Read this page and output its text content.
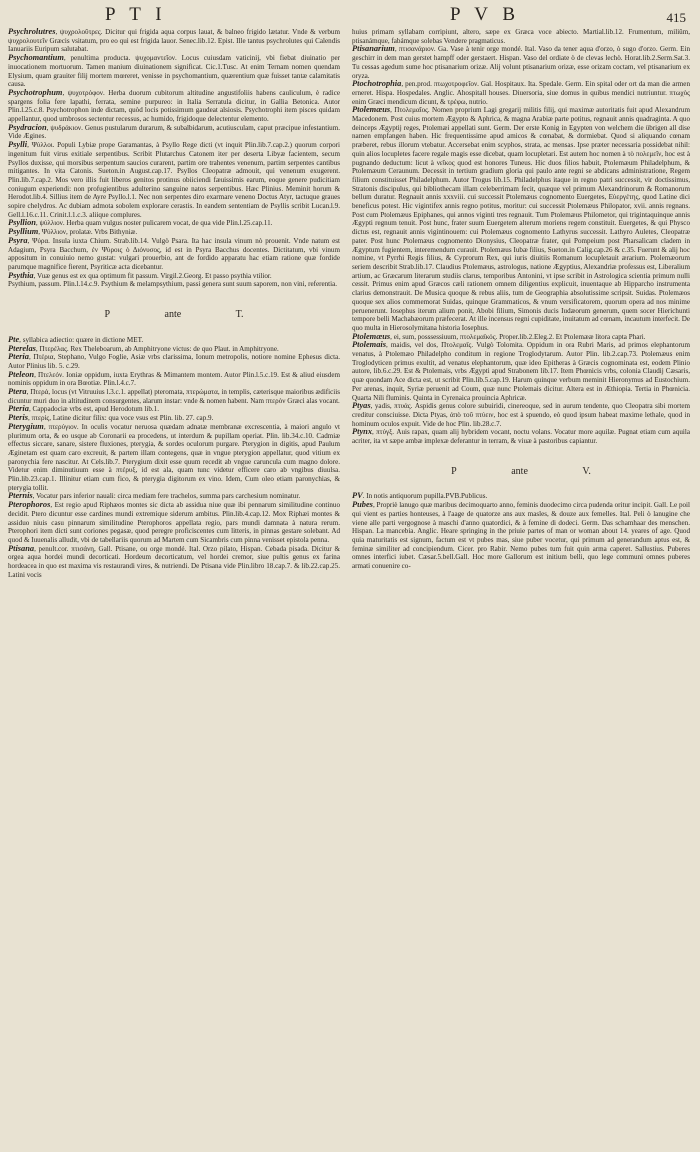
P T I	P V B	415

Psychrolutres, ψυχρολοῦτρες. Dicitur qui frigida aqua corpus lauat, & balneo frigido lætatur. Vnde & verbum ψυχρολουτεῖν Græcis vsitatum, pro eo qui est frigida lauor. Senec.lib.12. Epist. Ille tantus psychrolutes qui Calendis Ianuariis Euripum salutabat.

Psychomantium, penultima producta. ψυχομαντεῖον. Locus cuiusdam vaticinij, vbi fiebat diuinatio per inuocationem mortuorum. Tamen manium diuinationem significat. Cic.1.Tusc. At enim Ternam nomen quendam Elysium, quam grauiter filij mortem mœreret, venisse in psychomantium, quærentium quæ fuisset tantæ calamitatis causa.

Psychotrophum, ψυχοτρόφον. Herba duorum cubitorum altitudine angustifoliis habens cauliculum, è radice spargens folia fere lapathi, ferrata, semine purpureo: in Italia Serratula dicitur, in Gallia Betonica. Autor Plin.l.25.c.8. Psychotrophon inde dictam, quòd locis potissimum gaudeat alsiosis. Psychotrophi item pisces quidam appellantur, quod umbrosos sectentur recessus, ac humido, frigidoque delectentur elemento.

Psydracion, ψυδράκιον. Genus pustularum durarum, & subalbidarum, acutiusculam, caput præcipue infestantium. Vide Ægines.

Psylli, Ψύλλοι. Populi Lybiæ prope Garamantas, à Psyllo Rege dicti (vt inquit Plin.lib.7.cap.2.) quorum corpori ingenitum fuit virus exitiale serpentibus. Scribit Plutarchus Catonem iter per deserta Libyæ facientem, secum Psyllos duxisse, qui morsibus serpentum saucios curarent, partim ore trahentes venenum, partim serpentes cantibus mitigantes. In vita Catonis. Sueton.in August.cap.17. Psyllos Cleopatræ admouit, qui venenum exugerent. Plin.lib.7.cap.2. Mos vero illis fuit liberos genitos protinus obiiciendi fæuissimis earum, eoque genere pudicitiam coniugum experiendi: non profugientibus adulterino sanguine natos serpentibus. Hæc Plinius. Meminit horum & Herodot.lib.4. Sillius item de Ayre Psyllo.l.1. Nec non serpentes diro exarmare veneno Doctus Atyr, tactuque graues sopire chelydros. Ac dubiam admota sobolem explorare cerastis. In eandem sententiam de Psyllis scribit Lucan.l.9. Gell.l.16.c.11. Crinit.l.1.c.3. aliique complures.

Psyllion, ψύλλιον. Herba quam vulgus noster pulicarem vocat, de qua vide Plin.l.25.cap.11.

Psyllium, Ψύλλιον, prolatæ. Vrbs Bithyniæ.

Psyra, Ψύρα. Insula iuxta Chium. Strab.lib.14. Vulgò Psara. Ita hac insula vinum nò prouenit. Vnde natum est Adagium, Psyra Bacchum, ἐν Ψύροις ὁ Διόνυσος, id est in Psyra Bacchus docentes. Dictitatum, vbi vinum appositum in conuiuio nemo gustat: vulgari prouerbio, ant de fordido apparatu hac etiam ratione quæ fordide parumque magnifice fierent, Psyriticæ acta dicebantur.

Psythia, Vuæ genus est ex qua optimum fit passum. Virgil.2.Georg. Et passo psythia vtilior.

Psythium, passum. Plin.l.14.c.9. Psythium & melampsythium, passi genera sunt suum saporem, non vini, referentia.

P	ante	T.

Pte, syllabica adiectio: quære in dictione MET.

Pterelas, Πτερέλας. Rex Theleboarum, ab Amphitryone victus: de quo Plaut. in Amphitryone.

Pteria, Πτέρια, Stephano, Vulgo Foglie, Asiæ vrbs clarissima, Ionum metropolis, notiore nomine Ephesus dicta. Autor Plinius lib. 5. c.29.

Pteleon, Πτελεόν. Ioniæ oppidum, iuxta Erythras & Mimantem montem. Autor Plin.l.5.c.19. Est & aliud eiusdem nominis oppidum in ora Bœotiæ. Plin.l.4.c.7.

Ptera, Πτερά, locus (vt Vitruuius l.3.c.1. appellat) pteromata, πτερώματα, in templis, cæterisque maioribus ædificiis dicuntur muri duo in altitudinem consurgentes, alarum instar: vnde & nomen habent. Nam πτερὸν Græci alas vocant.

Pteria, Cappadociæ vrbs est, apud Herodotum lib.1.

Pteris, πτερίς, Latine dicitur filix: qua voce vsus est Plin. lib. 27. cap.9.

Pterygium, πτερύγιον. In oculis vocatur neruosa quædam adnatæ membranæ excrescentia, à maiori angulo vt plurimum orta, & eo usque ab Coronarii ea procedens, ut interdum & pupillam operiat. Plin. lib.34.c.10. Cadmiæ effectus siccare, sanare, sistere fluxiones, pterygia, & sordes oculorum purgare. Pterygion in digitis, apud Paulum Æginetam est quam caro excreuit, & partem illam contegens, quæ in vngue pterygion appellatur, quod vitium ex paronychia fere nascitur. At Cels.lib.7. Pterygium dixit esse quum recedit ab vngue caruncula cum magno dolore. Videtur enim diminutiuum esse à πτέρυξ, id est ala, quam tunc videtur efficere caro ab vngibus diuulsa. Plin.lib.23.cap.1. Illinitur etiam cum fico, & pterygia digitorum ex vino. Idem, Cum oleo etiam paronychias, & pterygia tollit.

Pternis, Vocatur pars inferior nauali: circa mediam fere trachelos, summa pars carchesium nominatur.

Pterophoros, Est regio apud Riphæos montes sic dicta ab assidua niue quæ ibi pennarum similitudine continuo decidit. Ptero dicuntur esse cardines mundi extremique siderum ambitus. Plin.lib.4.cap.12. Mox Riphæi montes & assiduo niuis casu pinnarum similitudine Pterophoros appellata regio, pars mundi damnata à natura rerum. Pterophori item dicti sunt coriones pegasæ, quod peregre proficiscentes cum litteris, in pinnas gestare solebant. Ad quod & Iuuenalis alludit, vbi de tabellariis quorum ad Martem cum Sicambris cum pinna venisset epistola penna.

Ptisana, penult.cor. πτισάνη, Gall. Ptisane, ou orge mondé. Ital. Orzo pilato, Hispan. Cebada pisada. Dicitur & orgea aqua hordei mundi decorticati. Hordeum decorticatum, vel hordei cremor, siue pultis genus ex farina hordeacea in quo est maxima vis restaurandi vires, & nutriendi. De Ptisana vide Plin.libro 18.cap.7. & lib.22.cap.25. Latini vocis

huius primam syllabam corripiunt, altero, sæpe ex Græca voce abiecto. Martial.lib.12. Frumentum, miliûm, ptisanámque, fabámque solebas Vendere pragmaticus.

Ptisanarium, πτισανάριον. Ga. Vase à tenir orge mondé. Ital. Vaso da tener aqua d'orzo, ò sugo d'orzo. Germ. Ein geschirr in dem man gerstet hampff oder gerstaert. Hispan. Vaso del ordiate ò de clevas lechò. Horat.lib.2.Serm.Sat.3. Tu cessas agedum sume hoc ptisanarium orizæ. Alij volunt ptisanarium orizæ, esse orizam coctam, vel ptisanarium ex oryza.

Ptochotrophia, pen.prod. πτωχοτροφεῖον. Gal. Hospitaux. Ita. Spedale. Germ. Ein spital oder ort da man die armen erneret. Hispa. Hospedales. Anglic. Ahospitall houses. Diuersoria, siue domus in quibus mendici nutriuntur. πτωχὸς enim Græci mendicum dicunt, & τρέφω, nutrio.

Ptolemæus, Πτολεμαῖος. Nomen proprium Lagi gregarij militis filij, qui maximæ autoritatis fuit apud Alexandrum Macedonem. Post cuius mortem Ægypto & Aphrica, & magna Arabiæ parte potitus, regnauit annis quadraginta. A quo deinceps Ægyptij reges, Ptolemæi appellati sunt. Germ. Der erste Konig in Egypten von welchem die übrigen all dise namen empfangen haben. Hic frequentissime apud amicos & cœnabat, & dormiebat. Quod si aliquando cœnam præberet, rebus illorum vtebatur. Accersebat enim scyphos, strata, ac mensas. Ipse præter necessaria possidebat nihil: quin alios locupletes facere regale magis esse dicebat, quam locupletari. Est autem hoc nomen à τὸ πολεμεῖν, hoc est à pugnando deductum: licut à νεῖκος quod est honores Tuneus. Hic duos filios habuit, Ptolemæum Philadelphum, & Ptolemæum Ceraunum. Decessit in tertium gradium gloria qui paulo ante regni se abdicans administratione, Regem filium constituisset Philadelphum. Autor Trogus lib.15. Philadelphus itaque in regno patri successit, vir doctissimus, Stratonis discipulus, qui bibliothecam illam celeberrimam fecit, quæque vel primum Alexandrinorum & Romanorum bellum duratur. Regnauit annis xxxviii. cui successit Ptolemæus cognomento Euergetes, Εὐεργέτης, quod Latine dici beneficus potest. Hic vigintifex annis regno potitus, moritur: cui successit Ptolemæus Philopator, xvii. annis regnans. Post cum Ptolemæus Epiphanes, qui annos viginti tres regnauit. Tum Ptolemæus Philometor, qui trigintaquinque annis Ægypti regnum tenuit. Post hunc, frater suum Euergetem alterum moriens regem constituit. Euergetes, & qui Physco dictus est, regnauit annis vigintinouem: cui Ptolemæus cognomento Lathyrus successit. Lathyro Auletes, Cleopatræ pater. Post hunc Ptolemæus cognomento Dionysius, Cleopatræ frater, qui Pompeium post Pharsalicam cladem in Ægyptum fugientem, interemendum curauit. Ptolemæus Iubæ filius, Sueton.in Calig.cap.26 & c.35. Fuerunt & alij hoc nomine, vt Pyrrhi Regis filius, & Cyprorum Rex, qui iuris diuitiis Romanum locupletauit ærarium. Ptolemæorum seriem describit Strab.lib.17. Claudius Ptolemæus, astrologus, natione Ægyptius, Alexandriæ professus est, Liberalium artium, ac Græcarum literarum studiis clarus, temporibus Antonini, vt ipse scribit in Astrologica scientia primum nulli cessit. Primus enim apud Græcos cæli rationem omnem diligentius explicuit, inuentaque ab Hipparcho instrumenta clarius demonstrauit. De Musica quoque & rebus aliis, tum de Geographia absolutissime scripsit. Suidas. Ptolemæos quoque sex alios commemorat Suidas, quinque Grammaticos, & vnum versificatorem, quorum opera ad nos minime peruenerunt. Iosephus iterum alium ponit, Abobi filium, Simonis ducis Iudæorum generum, quem socer Hierichunti tempore belli Machabæorum præfecerat. At ille incensus regni cupiditate, inuitatum ad cœnam, incautum interfecit. De quo multa in Hierosolymitana historia Iosephus.

Ptolemæus, ei, sum, posssessiuum, πτολεμαϊκός. Proper.lib.2.Eleg.2. Et Ptolemææ litora capta Phari.

Ptolemais, maidis, vel dos, Πτολεμαΐς. Vulgò Tolomita. Oppidum in ora Rubri Maris, ad primos elephantorum venatus, à Ptolemæo Philadelpho conditum in regione Troglodytarum. Autor Plin. lib.2.cap.73. Ptolemæus enim Troglodyticen primus exultit, ad venatus elephantorum, quæ ideo Epitheras à Græcis cognominata est, eodem Plinio autore, lib.6.c.29. Est & Ptolemais, vrbs Ægypti apud Strabonem lib.17. Item Phœnicis vrbs, colonia Claudij Cæsaris, quæ quondam Ace dicta est, ut scribit Plin.lib.5.cap.19. Harum quinque verbum meminit Hieronymus ad Eustochium. Per arenas, inquit, Syriæ peruenit ad Coum, quæ nunc Ptolemais dicitur. Altera est in Æthiopia. Tertia in Phœnicia. Quarta Nili fluminis. Quinta in Cyrenaica prouincia Aphricæ.

Ptyas, yadis, πτυάς. Aspidis genus colore subuiridi, cinereoque, sed in aurum tendente, quo Cleopatra sibi mortem creditur consciuisse. Dicta Ptyas, ἀπὸ τοῦ πτύειν, hoc est à spuendo, eò quod ipsum habeat maxime lethale, quod in hominum oculos expuit. Vide de hoc Plin. lib.28.c.7.

Ptynx, πτύγξ. Auis rapax, quam alij hybridem vocant, noctu volans. Vocatur more aquilæ. Pugnat etiam cum aquila acriter, ita vt sæpe ambæ implexæ deferantur in terram, & viuæ à pastoribus capiantur.

P	ante	V.

PV. In notis antiquorum pupilla.PVB.Publicus.

Pubes, Propriè lanugo quæ maribus decimoquarto anno, feminis duodecimo circa pudenda oritur incipit. Gall. Le poil qui vient es parties honteuses, à l'aage de quatorze ans aux masles, & douze aux femelles. Ital. Peli ò lanugine che viene alle parti vergognose à maschi d'anno quatordici, & à femine di dodeci. Germ. Das schamhaar des menschen. Hispan. La mancebia. Anglic. Heare springing in the priuie partes of man or woman about 14. yeares of age. Quod quia maturitatis est signum, factum est vt pubes mas, siue puber vocetur, qui primum ad generandum aptus est, & feminæ similiter ad concipiendum. Cicer. pro Rabir. Nemo pubes tum fuit quin arma caperet. Sallustius. Puberes omnes interfici iubet. Cæsar.5.bell.Gall. Hoc more Gallorum est initium belli, quo lege communi omnes puberes armati conuenire co-
